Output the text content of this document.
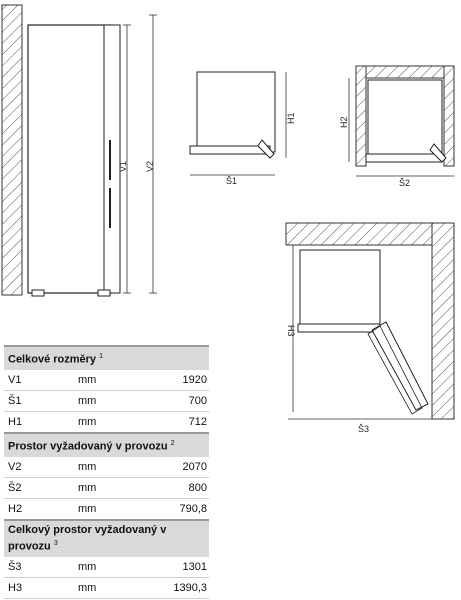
V1 V2
Š1
H1
Š2
H2
Š3
H3
Celkové rozměry $^1$
V1	mm	1920
Š1	mm	700
H1	mm	712
Prostor vyžadovaný v provozu $^2$
V2	mm	2070
Š2	mm	800
H2	mm	790,8
Celkový prostor vyžadovaný v provozu $^3$
Š3	mm	1301
H3	mm	1390,3
